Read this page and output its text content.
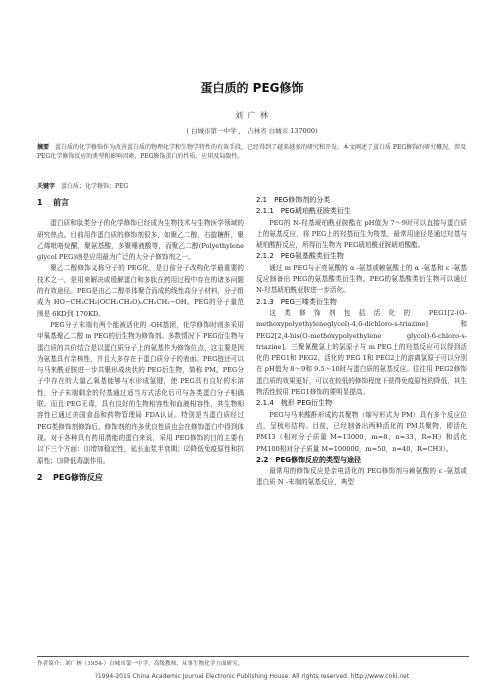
蛋白质的 PEG修饰
刘 广 林
( 白城市第一中学 ， 吉林省 白城市 137000)
摘要 蛋白质的化学修饰作为改善蛋白质的物理化学和生物学特性的有效手段，已经得到了越来越多的研究和开发。本文阐述了蛋白质 PEG修饰的研究概况，涉及 PEG化学修饰反应的类型和影响因素，PEG修饰蛋白的性质、应用及局限性。
关键字 蛋白质；化学修饰；PEG
1 前言

蛋白质和肽类分子的化学修饰已经成为生物技术与生物医学领域的研究热点。目前用作蛋白质的修饰剂很多，如聚乙二醇，右旋糖酐，聚乙烯吡咯烷酮，聚氨基酸，多聚唾液酸等，而聚乙二醇(Polyethylene glycol PEG)则是应用最为广泛的大分子修饰剂之一。

聚乙二醇修饰义称分子的 PEG化，是目前分子改构化学最重要的技术之一，是用来解决或缓解蛋白和多肽在药用过程中存在的诸多问题的有效途径。PEG是由乙二醇单体聚合而成的线性高分子材料，分子组成为 HO−CH₂CH₂(OCH₂CH₂O)ₙCH₂CH₂−OH。PEG的分子量范围是 6KD到 170KD。

PEG分子末端有两个能被活化的 -OH基团，化学修饰时则多采用甲氧基聚乙二醇 m PEG的衍生物为修饰剂。多数情况下 PEG衍生物与蛋白质的共价结合是以蛋白质分子上的氨基作为修饰位点，这主要是因为氨基具有亲核性，并且大多存在于蛋白质分子的表面。PEG链还可以与马来酰亚胺进一步共聚形成块状的 PEG衍生物，简称 PM。PEG分子中存在的大量乙氧基能够与水形成氢键，使 PEG具有良好的水溶性，分子末端剩余的羟基通过适当方式活化后可与各类蛋白分子相偶联。而且 PEG无毒，具有良好的生物相容性和血液相容性，其生物相容性已通过美国食品和药物管理局 FDA认证。特别是当蛋白质经过 PEG类修饰剂修饰后，修饰剂的许多优良性质也会在修饰蛋白中得到体现。对于各种具有药用潜能的蛋白来说，采用 PEG修饰的目的主要有以下三个方面：⑴增加稳定性，延长血浆半衰期；⑵降低免疫原性和抗原性；⑶降低毒副作用。

2 PEG修饰反应
2.1　PEG修饰剂的分类
2.1.1　PEG琥珀酰亚胺类衍生

PEG的 N-羟基琥珀酰亚胺酯在 pH值为 7～9时可以直接与蛋白质上的氨基反应，将 PEG上的羟基衍生为羧基，最常用途径是通过羟基与琥珀酸酐反应，所得衍生物为 PEG琥珀酰亚胺琥珀酸酯。

2.1.2　PEG氨基酸类衍生物

通过 m PEG与正亮氨酸的 α -氨基或赖氨酸上的 α -氨基和 ε -氨基反应制备出 PEG的氨基酸类衍生物。PEG的氨基酸类衍生物可以通过 N-羟基琥珀酰亚胺进一步活化。

2.1.3　PEG三嗪类衍生物

这类修饰剂包括活化的 PEG1[2-(O-methoxypolyethyleneglycol)-4,6-dichloro-s-triazine]和 PEG2[2,4-bis(O-methoxypolyethylene glycol)-6-chloro-s-triazine]。三聚氰酰氯上的氯原子与 m PEG上的羟基反应可以得到活化的 PEG1和 PEG2。活化的 PEG 1和 PEG2上的游离氯原子可以分别在 pH值为 8～9和 9.5～10时与蛋白质的氨基反应。往往用 PEG2修饰蛋白质的效果更好，可以在较低的修饰程度下获得免疫原性的降低，其生物活性较用 PEG1修饰的要明显提高。

2.1.4　梳形 PEG衍生物

PEG与马来酸酐形成的共聚物（缩写形式为 PM）具有多个反应位点，呈梳形结构。目前，已经制备出两种活化的 PM共聚物，即活化 PM13（相对分子质量 M=13000，m=8，n=33，R=H）和活化 PM100相对分子质量 M=100000，m=50，n=40，R=CH3）。

2.2　PEG修饰反应的类型与途径

最常用的修饰反应是亲电活化的 PEG修饰剂与赖氨酸的 ε -氨基或蛋白质 N -末端的氨基反应，典型

作者简介：刘广林（1954-）白城市第一中学，高级教师，从事生物化学方面研究。
?1994-2015 China Academic Journal Electronic Publishing House. All rights reserved. http://www.cnki.net
